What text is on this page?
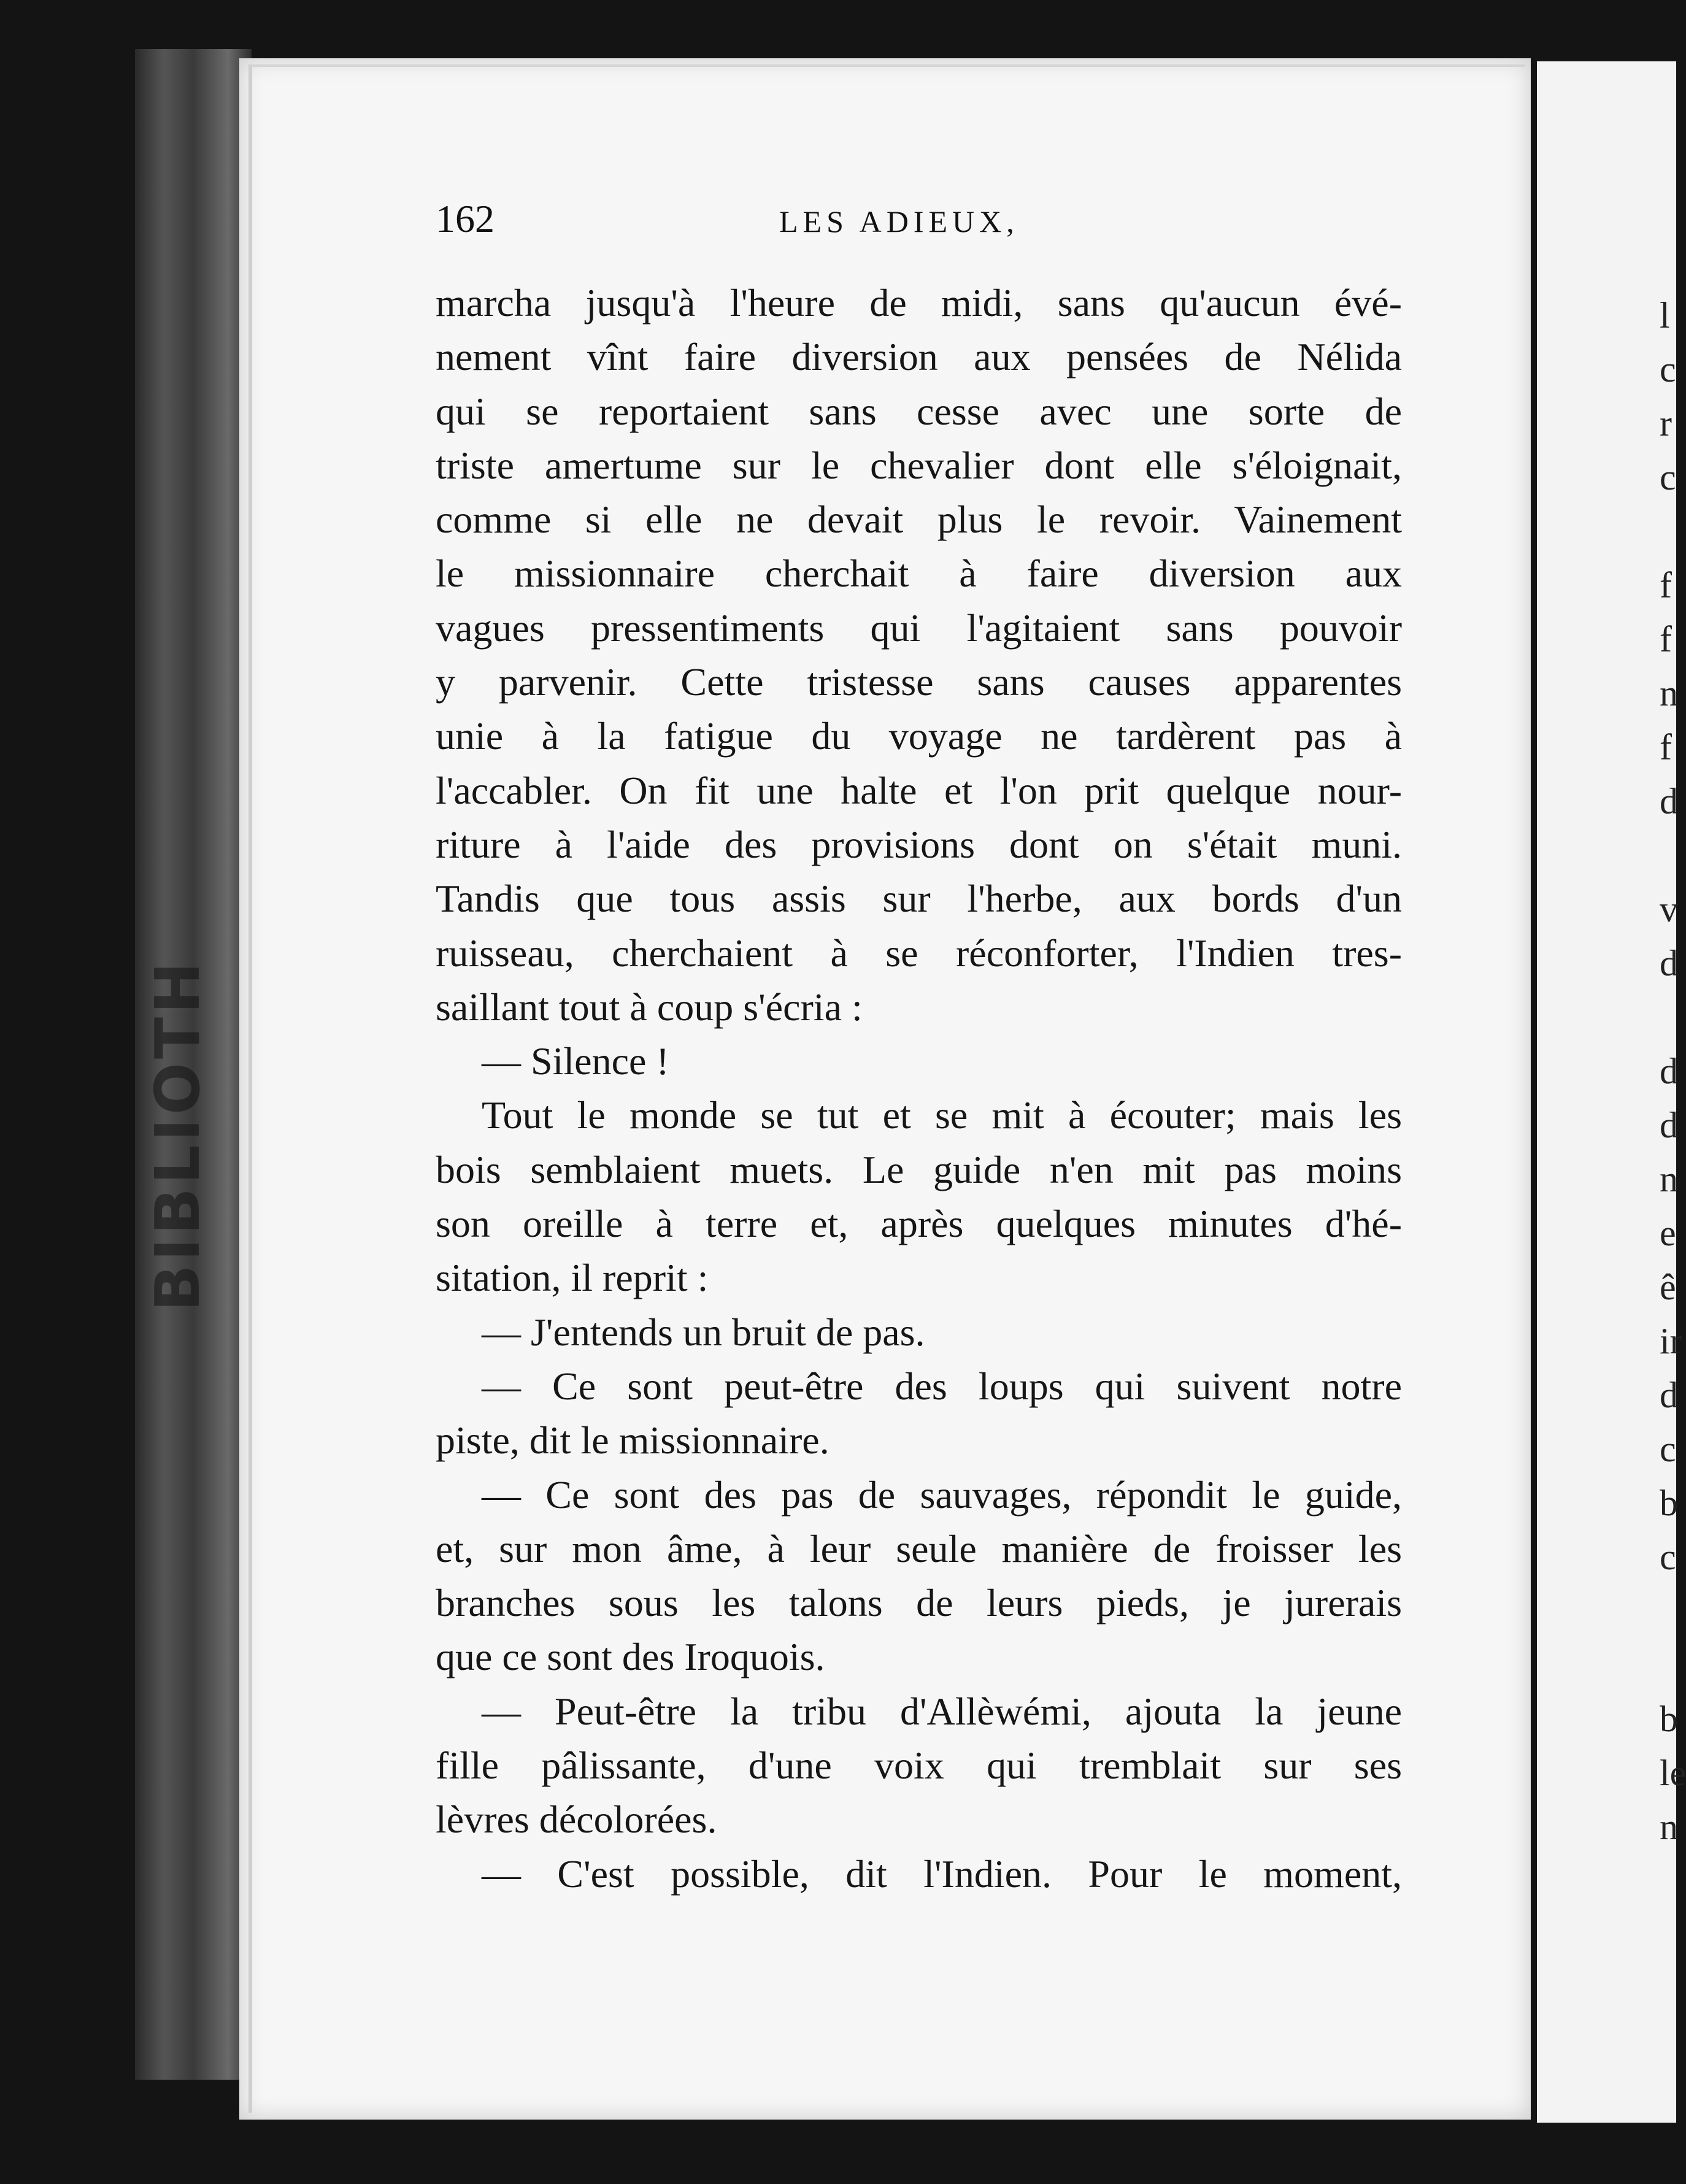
BIBLIOTH
162	LES ADIEUX,
marcha jusqu'à l'heure de midi, sans qu'aucun évé-
nement vînt faire diversion aux pensées de Nélida
qui se reportaient sans cesse avec une sorte de
triste amertume sur le chevalier dont elle s'éloignait,
comme si elle ne devait plus le revoir. Vainement
le missionnaire cherchait à faire diversion aux
vagues pressentiments qui l'agitaient sans pouvoir
y parvenir. Cette tristesse sans causes apparentes
unie à la fatigue du voyage ne tardèrent pas à
l'accabler. On fit une halte et l'on prit quelque nour-
riture à l'aide des provisions dont on s'était muni.
Tandis que tous assis sur l'herbe, aux bords d'un
ruisseau, cherchaient à se réconforter, l'Indien tres-
saillant tout à coup s'écria :
— Silence !
Tout le monde se tut et se mit à écouter; mais les
bois semblaient muets. Le guide n'en mit pas moins
son oreille à terre et, après quelques minutes d'hé-
sitation, il reprit :
— J'entends un bruit de pas.
— Ce sont peut-être des loups qui suivent notre
piste, dit le missionnaire.
— Ce sont des pas de sauvages, répondit le guide,
et, sur mon âme, à leur seule manière de froisser les
branches sous les talons de leurs pieds, je jurerais
que ce sont des Iroquois.
— Peut-être la tribu d'Allèwémi, ajouta la jeune
fille pâlissante, d'une voix qui tremblait sur ses
lèvres décolorées.
— C'est possible, dit l'Indien. Pour le moment,
l
c
r
c
f
f
n
f
d
v
d
d
d
n
e
ê
ir
d
c
b
c
b
le
n
